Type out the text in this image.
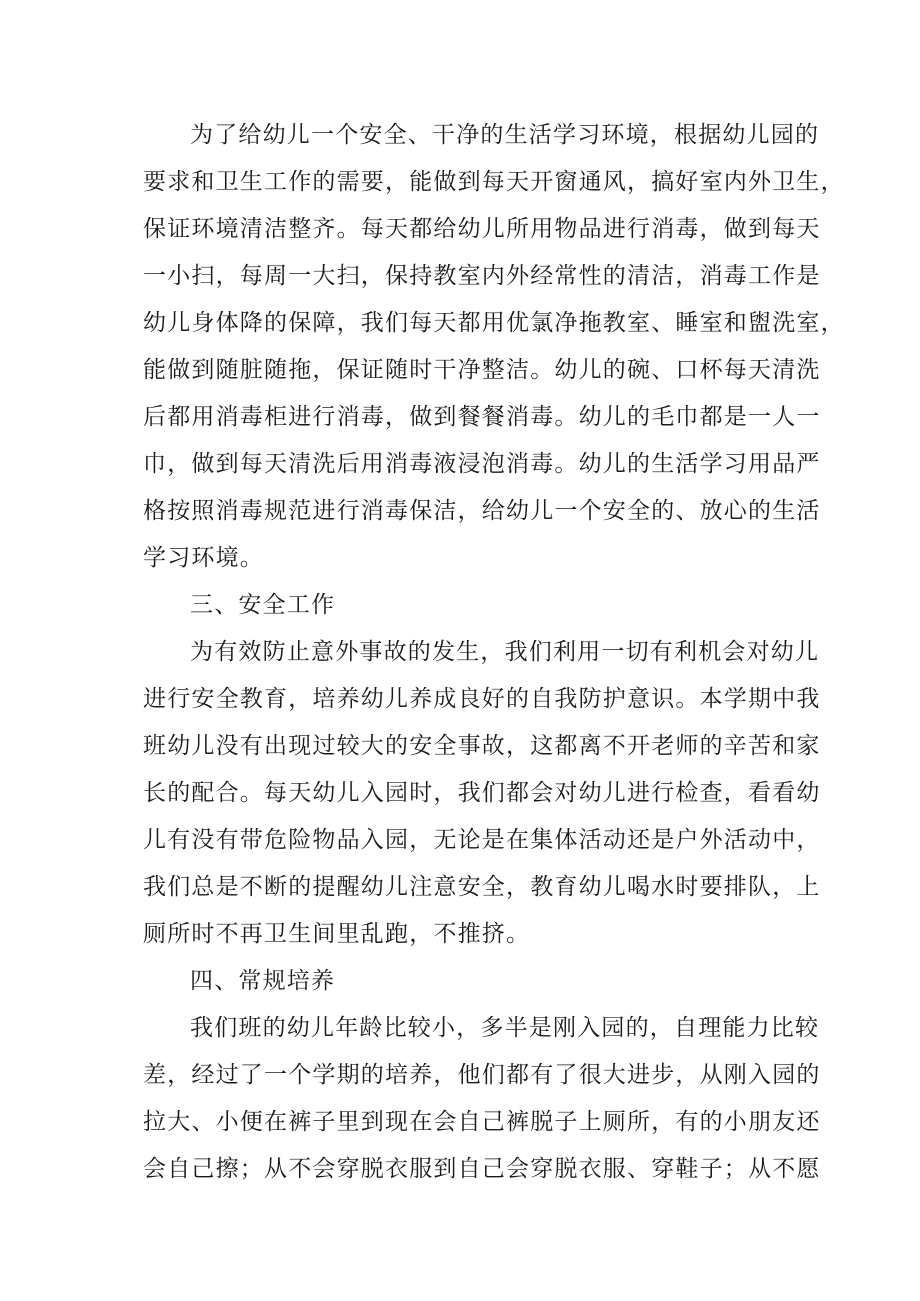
为了给幼儿一个安全、干净的生活学习环境，根据幼儿园的
要求和卫生工作的需要，能做到每天开窗通风，搞好室内外卫生，
保证环境清洁整齐。每天都给幼儿所用物品进行消毒，做到每天
一小扫，每周一大扫，保持教室内外经常性的清洁，消毒工作是
幼儿身体降的保障，我们每天都用优氯净拖教室、睡室和盥洗室，
能做到随脏随拖，保证随时干净整洁。幼儿的碗、口杯每天清洗
后都用消毒柜进行消毒，做到餐餐消毒。幼儿的毛巾都是一人一
巾，做到每天清洗后用消毒液浸泡消毒。幼儿的生活学习用品严
格按照消毒规范进行消毒保洁，给幼儿一个安全的、放心的生活
学习环境。
三、安全工作
为有效防止意外事故的发生，我们利用一切有利机会对幼儿
进行安全教育，培养幼儿养成良好的自我防护意识。本学期中我
班幼儿没有出现过较大的安全事故，这都离不开老师的辛苦和家
长的配合。每天幼儿入园时，我们都会对幼儿进行检查，看看幼
儿有没有带危险物品入园，无论是在集体活动还是户外活动中，
我们总是不断的提醒幼儿注意安全，教育幼儿喝水时要排队，上
厕所时不再卫生间里乱跑，不推挤。
四、常规培养
我们班的幼儿年龄比较小，多半是刚入园的，自理能力比较
差，经过了一个学期的培养，他们都有了很大进步，从刚入园的
拉大、小便在裤子里到现在会自己裤脱子上厕所，有的小朋友还
会自己擦；从不会穿脱衣服到自己会穿脱衣服、穿鞋子；从不愿
